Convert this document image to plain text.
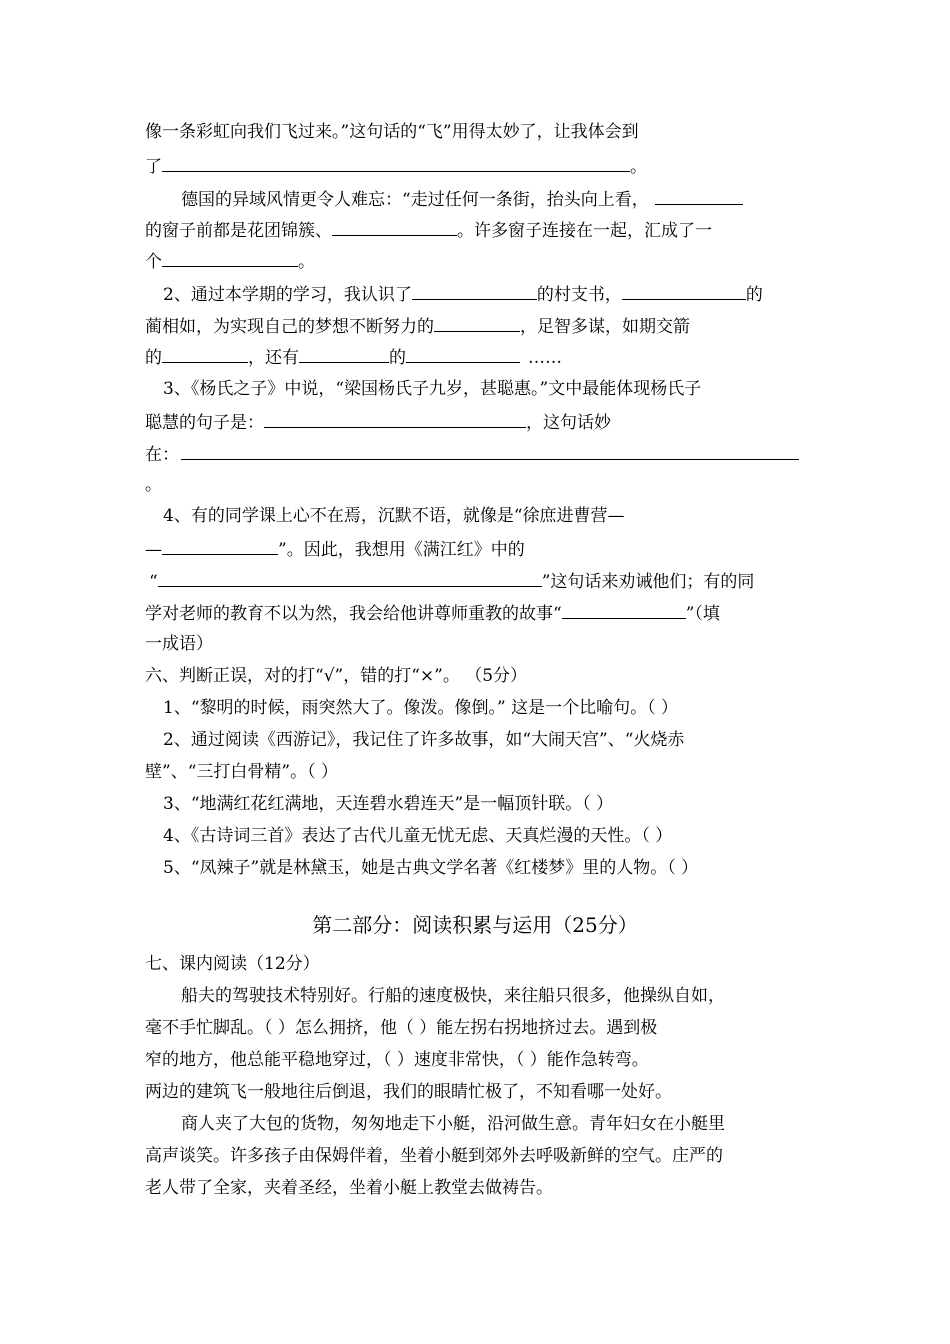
像一条彩虹向我们飞过来。”这句话的“飞”用得太妙了，让我体会到
了	。
德国的异域风情更令人难忘：“走过任何一条街，抬头向上看，
的窗子前都是花团锦簇、	。许多窗子连接在一起，汇成了一
个	。
2、通过本学期的学习，我认识了	的村支书，	的
蔺相如，为实现自己的梦想不断努力的	，足智多谋，如期交箭
的	，还有	的	……
3、《杨氏之子》中说，“梁国杨氏子九岁，甚聪惠。”文中最能体现杨氏子
聪慧的句子是：	，这句话妙
在：
。
4、有的同学课上心不在焉，沉默不语，就像是“徐庶进曹营—
—	”。因此，我想用《满江红》中的
“	”这句话来劝诫他们；有的同
学对老师的教育不以为然，我会给他讲尊师重教的故事“	”（填
一成语）
六、判断正误，对的打“√”，错的打“×”。 （5分）
1、“黎明的时候，雨突然大了。像泼。像倒。” 这是一个比喻句。（ ）
2、通过阅读《西游记》，我记住了许多故事，如“大闹天宫”、“火烧赤
壁”、“三打白骨精”。（ ）
3、“地满红花红满地，天连碧水碧连天”是一幅顶针联。（ ）
4、《古诗词三首》表达了古代儿童无忧无虑、天真烂漫的天性。（ ）
5、“凤辣子”就是林黛玉，她是古典文学名著《红楼梦》里的人物。（ ）
第二部分：阅读积累与运用（25分）
七、课内阅读（12分）
船夫的驾驶技术特别好。行船的速度极快，来往船只很多，他操纵自如，
毫不手忙脚乱。（ ）怎么拥挤，他（ ）能左拐右拐地挤过去。遇到极
窄的地方，他总能平稳地穿过，（ ）速度非常快，（ ）能作急转弯。
两边的建筑飞一般地往后倒退，我们的眼睛忙极了，不知看哪一处好。
商人夹了大包的货物，匆匆地走下小艇，沿河做生意。青年妇女在小艇里
高声谈笑。许多孩子由保姆伴着，坐着小艇到郊外去呼吸新鲜的空气。庄严的
老人带了全家，夹着圣经，坐着小艇上教堂去做祷告。
